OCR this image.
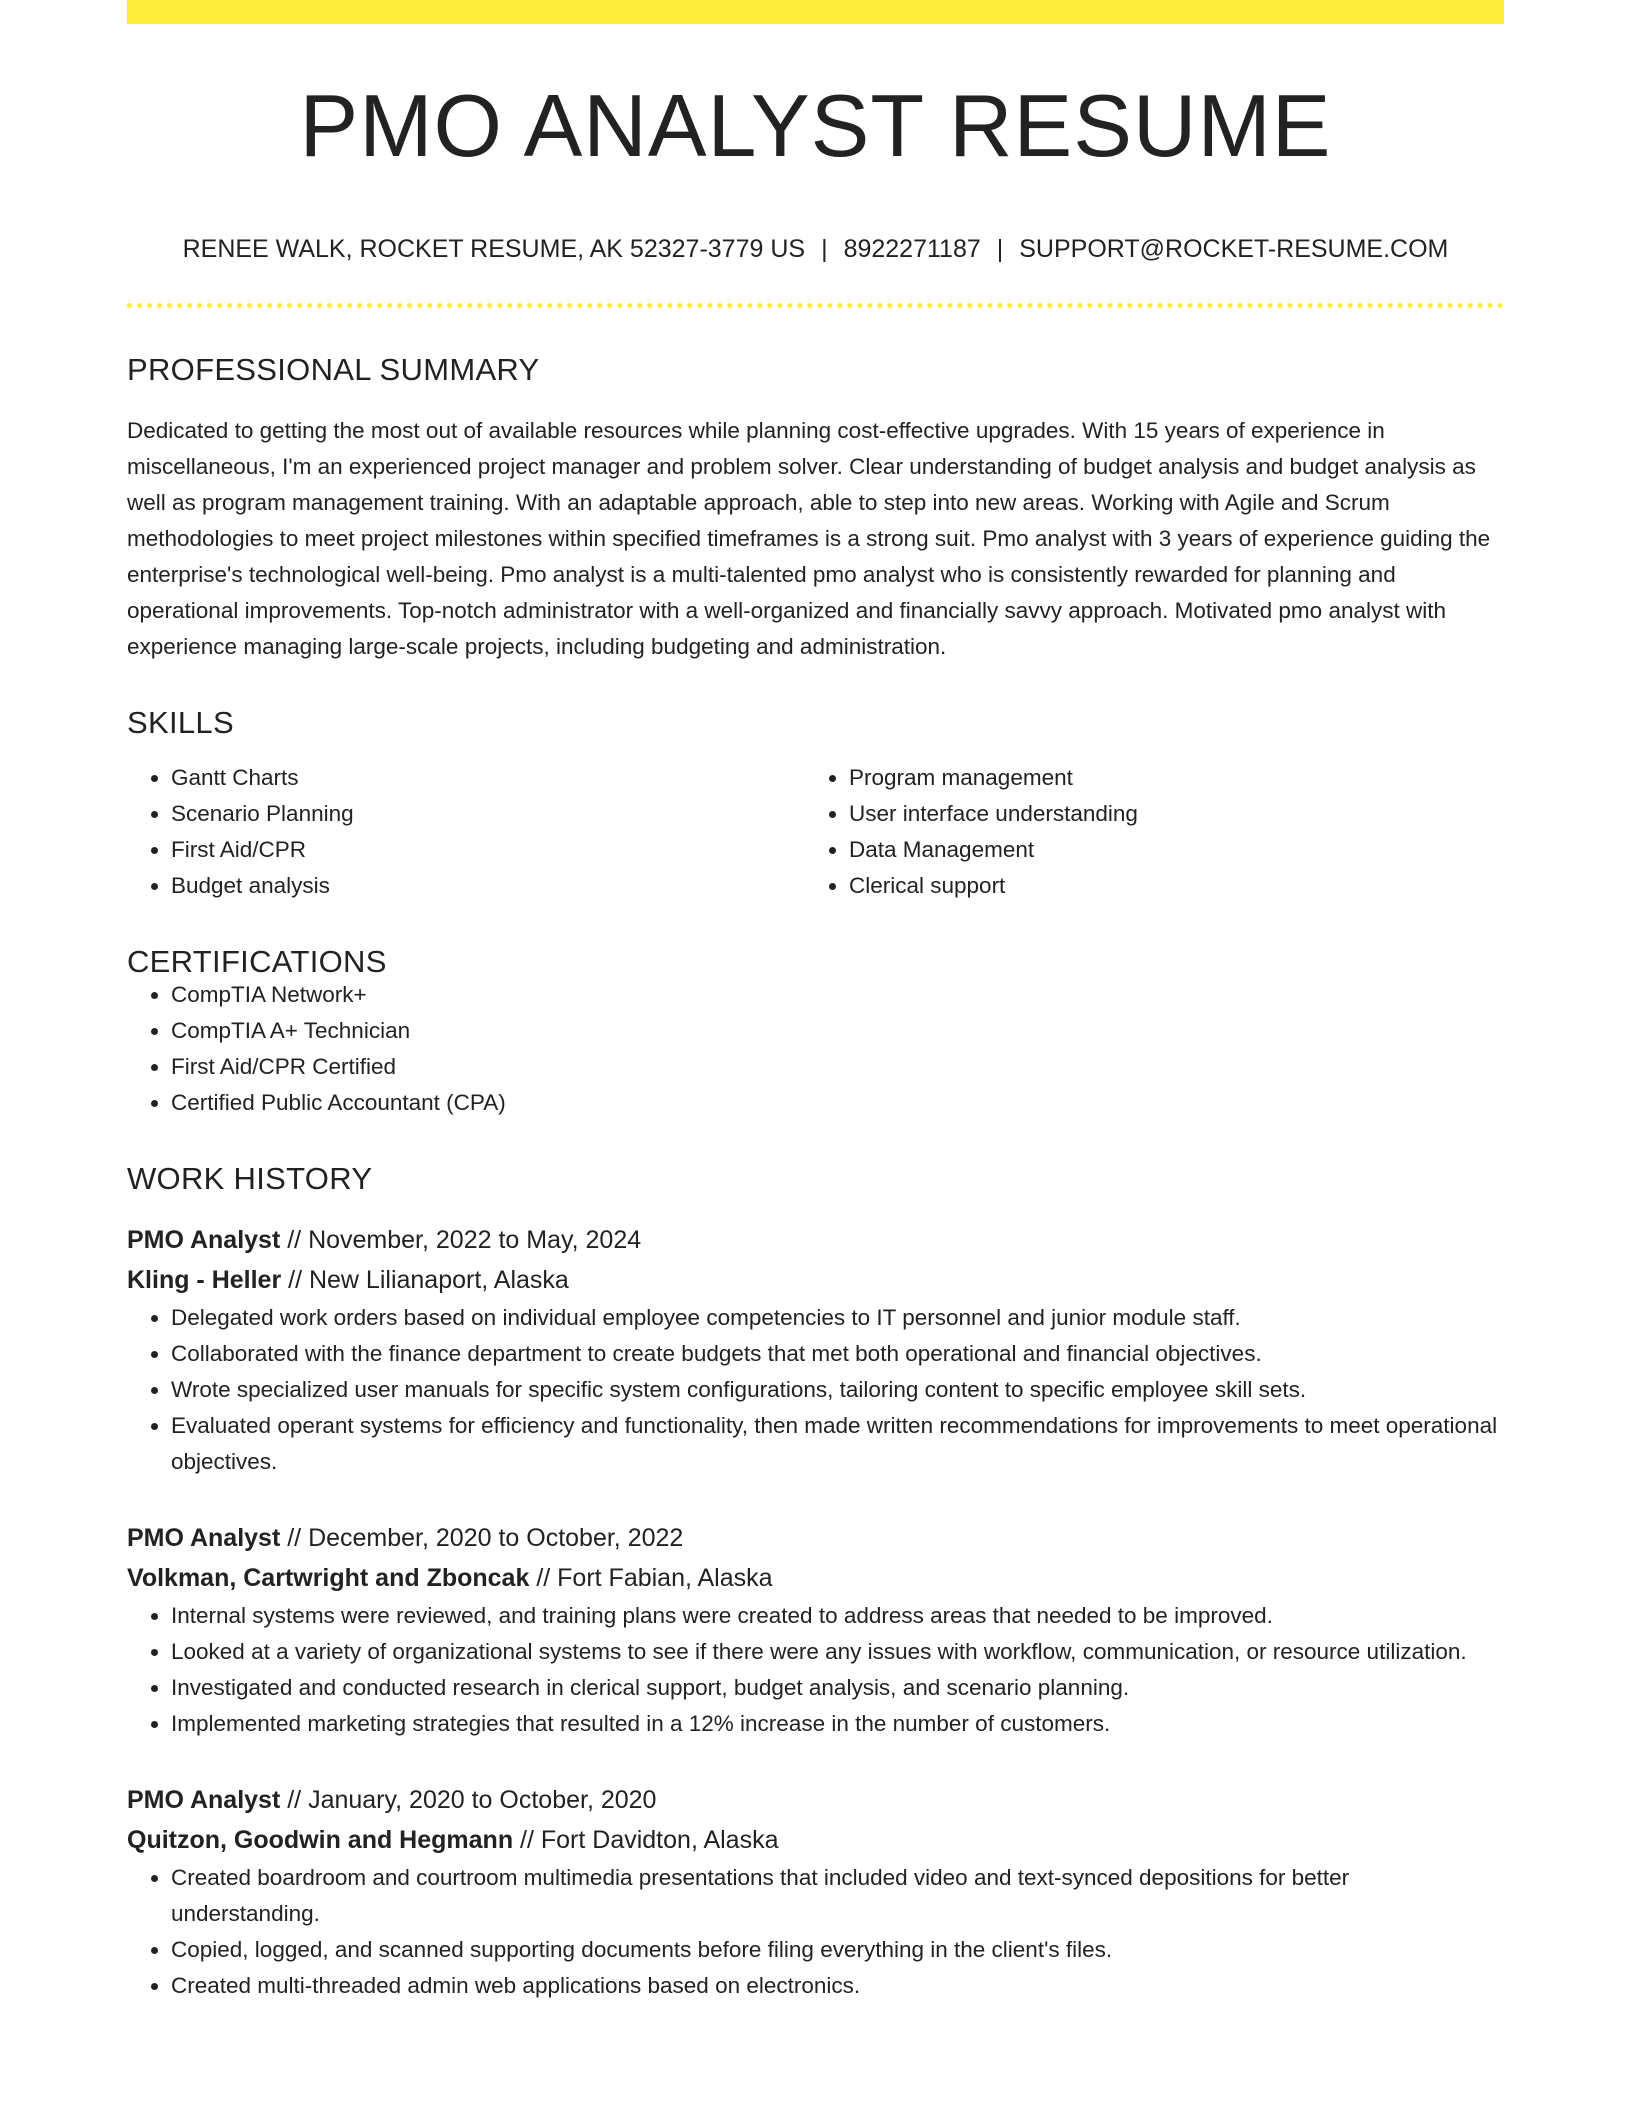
PMO ANALYST RESUME
RENEE WALK, ROCKET RESUME, AK 52327-3779 US | 8922271187 | SUPPORT@ROCKET-RESUME.COM
PROFESSIONAL SUMMARY

Dedicated to getting the most out of available resources while planning cost-effective upgrades. With 15 years of experience in miscellaneous, I'm an experienced project manager and problem solver. Clear understanding of budget analysis and budget analysis as well as program management training. With an adaptable approach, able to step into new areas. Working with Agile and Scrum methodologies to meet project milestones within specified timeframes is a strong suit. Pmo analyst with 3 years of experience guiding the enterprise's technological well-being. Pmo analyst is a multi-talented pmo analyst who is consistently rewarded for planning and operational improvements. Top-notch administrator with a well-organized and financially savvy approach. Motivated pmo analyst with experience managing large-scale projects, including budgeting and administration.

SKILLS
• Gantt Charts
• Scenario Planning
• First Aid/CPR
• Budget analysis
• Program management
• User interface understanding
• Data Management
• Clerical support
CERTIFICATIONS
• CompTIA Network+
• CompTIA A+ Technician
• First Aid/CPR Certified
• Certified Public Accountant (CPA)
WORK HISTORY
PMO Analyst // November, 2022 to May, 2024
Kling - Heller // New Lilianaport, Alaska
• Delegated work orders based on individual employee competencies to IT personnel and junior module staff.
• Collaborated with the finance department to create budgets that met both operational and financial objectives.
• Wrote specialized user manuals for specific system configurations, tailoring content to specific employee skill sets.
• Evaluated operant systems for efficiency and functionality, then made written recommendations for improvements to meet operational objectives.
PMO Analyst // December, 2020 to October, 2022
Volkman, Cartwright and Zboncak // Fort Fabian, Alaska
• Internal systems were reviewed, and training plans were created to address areas that needed to be improved.
• Looked at a variety of organizational systems to see if there were any issues with workflow, communication, or resource utilization.
• Investigated and conducted research in clerical support, budget analysis, and scenario planning.
• Implemented marketing strategies that resulted in a 12% increase in the number of customers.
PMO Analyst // January, 2020 to October, 2020
Quitzon, Goodwin and Hegmann // Fort Davidton, Alaska
• Created boardroom and courtroom multimedia presentations that included video and text-synced depositions for better understanding.
• Copied, logged, and scanned supporting documents before filing everything in the client's files.
• Created multi-threaded admin web applications based on electronics.
